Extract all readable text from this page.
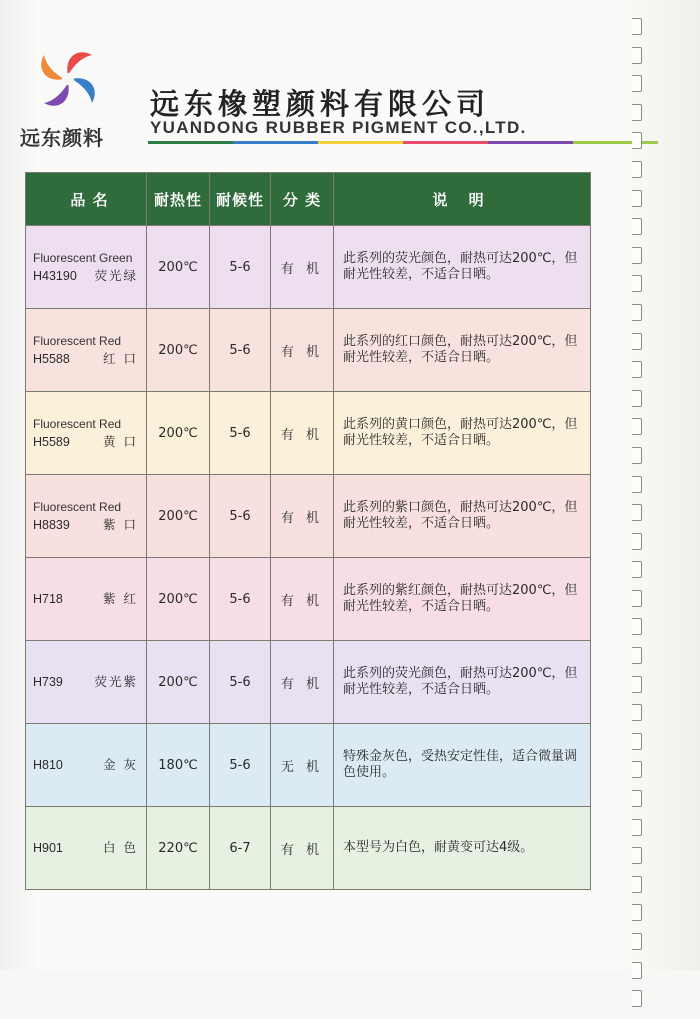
远东颜料
远东橡塑颜料有限公司
YUANDONG RUBBER PIGMENT CO.,LTD.
品 名	耐热性	耐候性	分 类	说 明

Fluorescent Green
H43190 荧光绿	200℃	5-6	有 机	此系列的荧光颜色，耐热可达200℃，但耐光性较差，不适合日晒。

Fluorescent Red
H5588 红 口	200℃	5-6	有 机	此系列的红口颜色，耐热可达200℃，但耐光性较差，不适合日晒。

Fluorescent Red
H5589 黄 口	200℃	5-6	有 机	此系列的黄口颜色，耐热可达200℃，但耐光性较差，不适合日晒。

Fluorescent Red
H8839 紫 口	200℃	5-6	有 机	此系列的紫口颜色，耐热可达200℃，但耐光性较差，不适合日晒。

H718 紫 红	200℃	5-6	有 机	此系列的紫红颜色，耐热可达200℃，但耐光性较差，不适合日晒。

H739 荧光紫	200℃	5-6	有 机	此系列的荧光颜色，耐热可达200℃，但耐光性较差，不适合日晒。

H810 金 灰	180℃	5-6	无 机	特殊金灰色，受热安定性佳，适合微量调色使用。

H901 白 色	220℃	6-7	有 机	本型号为白色，耐黄变可达4级。
